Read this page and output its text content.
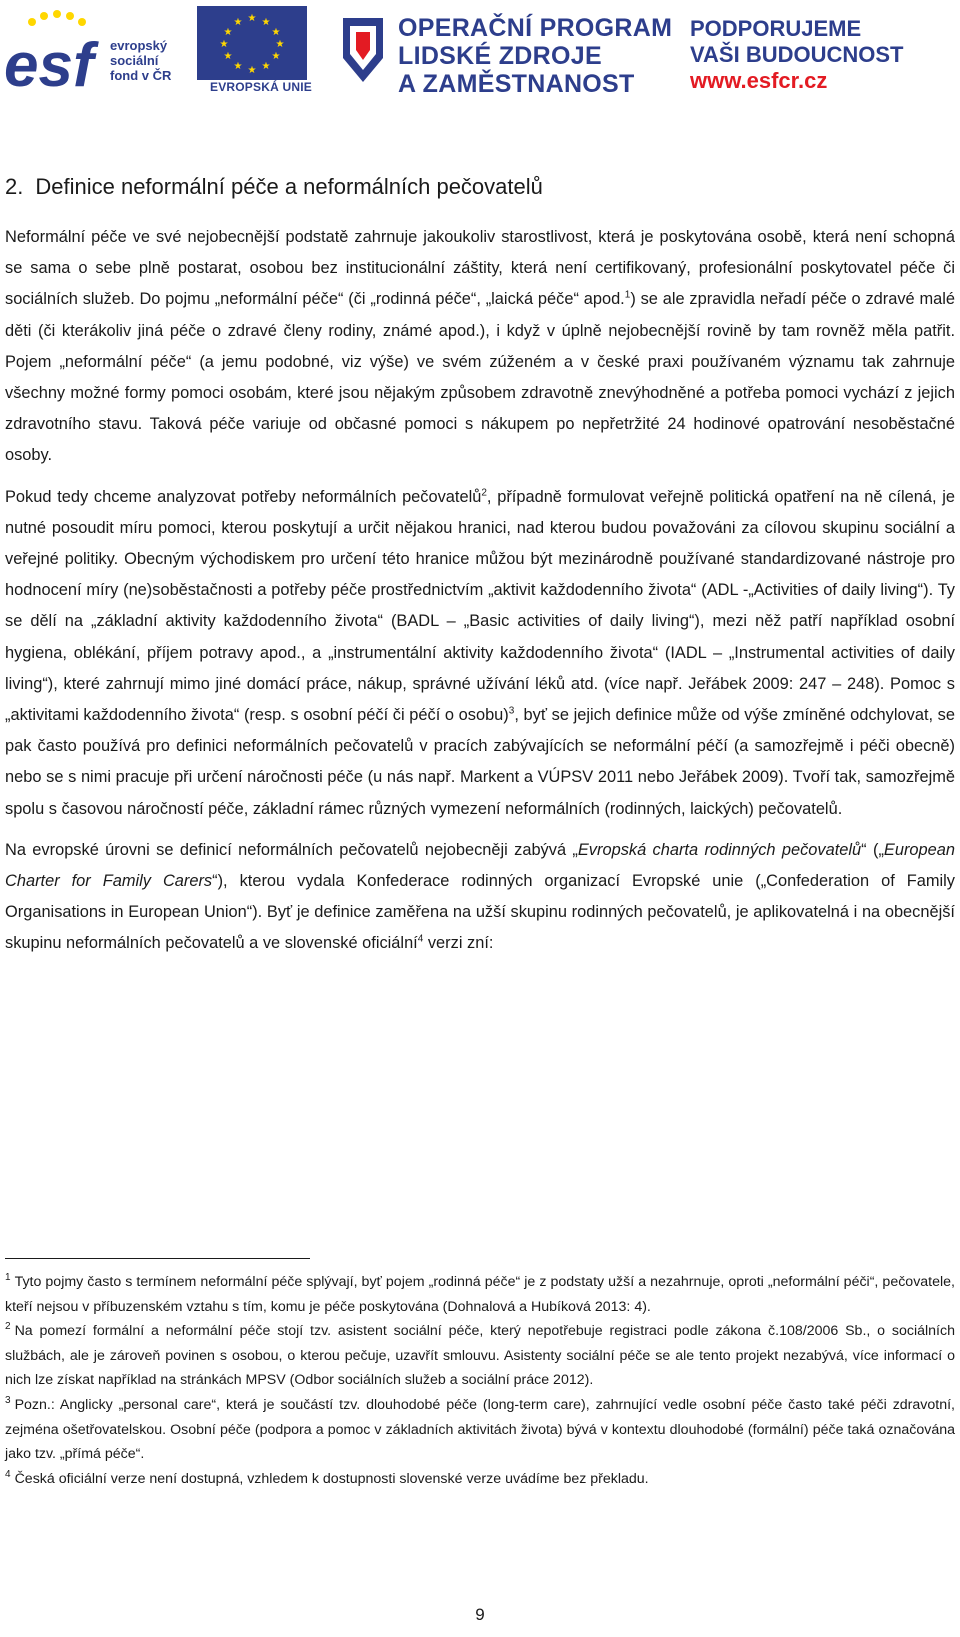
esf	evropský
sociální
fond v ČR
★ ★
★
★
★
★
★
★
★
★
★
★
EVROPSKÁ UNIE
OPERAČNÍ PROGRAM
LIDSKÉ ZDROJE
A ZAMĚSTNANOST
PODPORUJEME
VAŠI BUDOUCNOST
www.esfcr.cz
2. Definice neformální péče a neformálních pečovatelů

Neformální péče ve své nejobecnější podstatě zahrnuje jakoukoliv starostlivost, která je poskytována osobě, která není schopná se sama o sebe plně postarat, osobou bez institucionální záštity, která není certifikovaný, profesionální poskytovatel péče či sociálních služeb. Do pojmu „neformální péče“ (či „rodinná péče“, „laická péče“ apod.$^1$) se ale zpravidla neřadí péče o zdravé malé děti (či kterákoliv jiná péče o zdravé členy rodiny, známé apod.), i když v úplně nejobecnější rovině by tam rovněž měla patřit. Pojem „neformální péče“ (a jemu podobné, viz výše) ve svém zúženém a v české praxi používaném významu tak zahrnuje všechny možné formy pomoci osobám, které jsou nějakým způsobem zdravotně znevýhodněné a potřeba pomoci vychází z jejich zdravotního stavu. Taková péče variuje od občasné pomoci s nákupem po nepřetržité 24 hodinové opatrování nesoběstačné osoby.

Pokud tedy chceme analyzovat potřeby neformálních pečovatelů$^2$, případně formulovat veřejně politická opatření na ně cílená, je nutné posoudit míru pomoci, kterou poskytují a určit nějakou hranici, nad kterou budou považováni za cílovou skupinu sociální a veřejné politiky. Obecným východiskem pro určení této hranice můžou být mezinárodně používané standardizované nástroje pro hodnocení míry (ne)soběstačnosti a potřeby péče prostřednictvím „aktivit každodenního života“ (ADL -„Activities of daily living“). Ty se dělí na „základní aktivity každodenního života“ (BADL – „Basic activities of daily living“), mezi něž patří například osobní hygiena, oblékání, příjem potravy apod., a „instrumentální aktivity každodenního života“ (IADL – „Instrumental activities of daily living“), které zahrnují mimo jiné domácí práce, nákup, správné užívání léků atd. (více např. Jeřábek 2009: 247 – 248). Pomoc s „aktivitami každodenního života“ (resp. s osobní péčí či péčí o osobu)$^3$, byť se jejich definice může od výše zmíněné odchylovat, se pak často používá pro definici neformálních pečovatelů v pracích zabývajících se neformální péčí (a samozřejmě i péči obecně) nebo se s nimi pracuje při určení náročnosti péče (u nás např. Markent a VÚPSV 2011 nebo Jeřábek 2009). Tvoří tak, samozřejmě spolu s časovou náročností péče, základní rámec různých vymezení neformálních (rodinných, laických) pečovatelů.

Na evropské úrovni se definicí neformálních pečovatelů nejobecněji zabývá „Evropská charta rodinných pečovatelů“ („European Charter for Family Carers“), kterou vydala Konfederace rodinných organizací Evropské unie („Confederation of Family Organisations in European Union“). Byť je definice zaměřena na užší skupinu rodinných pečovatelů, je aplikovatelná i na obecnější skupinu neformálních pečovatelů a ve slovenské oficiální$^4$ verzi zní:

$^1$ Tyto pojmy často s termínem neformální péče splývají, byť pojem „rodinná péče“ je z podstaty užší a nezahrnuje, oproti „neformální péči“, pečovatele, kteří nejsou v příbuzenském vztahu s tím, komu je péče poskytována (Dohnalová a Hubíková 2013: 4).

$^2$ Na pomezí formální a neformální péče stojí tzv. asistent sociální péče, který nepotřebuje registraci podle zákona č.108/2006 Sb., o sociálních službách, ale je zároveň povinen s osobou, o kterou pečuje, uzavřít smlouvu. Asistenty sociální péče se ale tento projekt nezabývá, více informací o nich lze získat například na stránkách MPSV (Odbor sociálních služeb a sociální práce 2012).

$^3$ Pozn.: Anglicky „personal care“, která je součástí tzv. dlouhodobé péče (long-term care), zahrnující vedle osobní péče často také péči zdravotní, zejména ošetřovatelskou. Osobní péče (podpora a pomoc v základních aktivitách života) bývá v kontextu dlouhodobé (formální) péče taká označována jako tzv. „přímá péče“.

$^4$ Česká oficiální verze není dostupná, vzhledem k dostupnosti slovenské verze uvádíme bez překladu.

9
